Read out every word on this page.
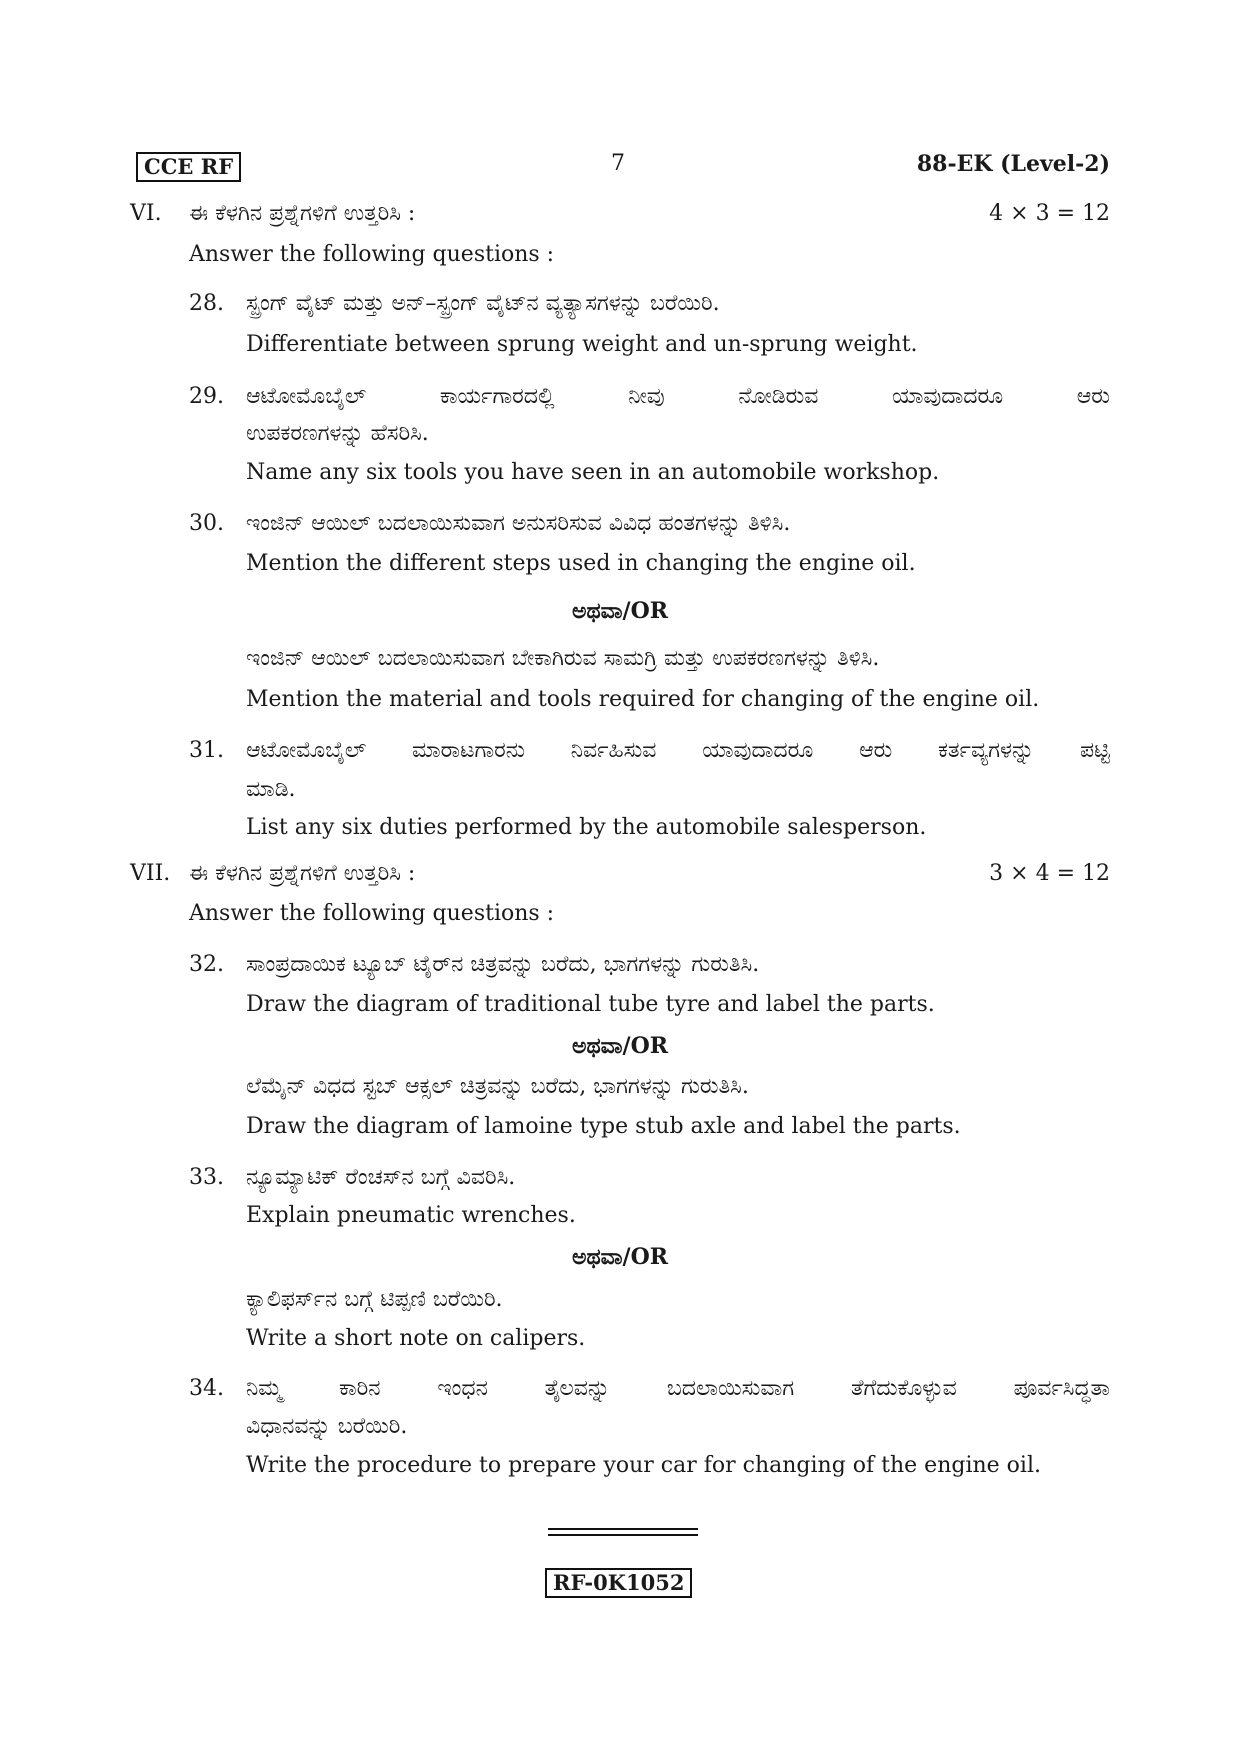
CCE RF	7	88-EK (Level-2)
VI. ಈ ಕೆಳಗಿನ ಪ್ರಶ್ನೆಗಳಿಗೆ ಉತ್ತರಿಸಿ :	4 × 3 = 12
Answer the following questions :
28. ಸ್ಪ್ರಂಗ್ ವೈಟ್ ಮತ್ತು ಅನ್–ಸ್ಪ್ರಂಗ್ ವೈಟ್‌ನ ವ್ಯತ್ಯಾಸಗಳನ್ನು ಬರೆಯಿರಿ.
Differentiate between sprung weight and un-sprung weight.
29. ಆಟೋಮೊಬೈಲ್	ಕಾರ್ಯಗಾರದಲ್ಲಿ	ನೀವು	ನೋಡಿರುವ	ಯಾವುದಾದರೂ	ಆರು
ಉಪಕರಣಗಳನ್ನು ಹೆಸರಿಸಿ.
Name any six tools you have seen in an automobile workshop.
30. ಇಂಜಿನ್ ಆಯಿಲ್ ಬದಲಾಯಿಸುವಾಗ ಅನುಸರಿಸುವ ವಿವಿಧ ಹಂತಗಳನ್ನು ತಿಳಿಸಿ.
Mention the different steps used in changing the engine oil.
ಅಥವಾ/OR
ಇಂಜಿನ್ ಆಯಿಲ್ ಬದಲಾಯಿಸುವಾಗ ಬೇಕಾಗಿರುವ ಸಾಮಗ್ರಿ ಮತ್ತು ಉಪಕರಣಗಳನ್ನು ತಿಳಿಸಿ.
Mention the material and tools required for changing of the engine oil.
31. ಆಟೋಮೊಬೈಲ್ ಮಾರಾಟಗಾರನು ನಿರ್ವಹಿಸುವ ಯಾವುದಾದರೂ ಆರು ಕರ್ತವ್ಯಗಳನ್ನು ಪಟ್ಟಿ
ಮಾಡಿ.
List any six duties performed by the automobile salesperson.
VII. ಈ ಕೆಳಗಿನ ಪ್ರಶ್ನೆಗಳಿಗೆ ಉತ್ತರಿಸಿ :	3 × 4 = 12
Answer the following questions :
32. ಸಾಂಪ್ರದಾಯಿಕ ಟ್ಯೂಬ್ ಟೈರ್‌ನ ಚಿತ್ರವನ್ನು ಬರೆದು, ಭಾಗಗಳನ್ನು ಗುರುತಿಸಿ.
Draw the diagram of traditional tube tyre and label the parts.
ಅಥವಾ/OR
ಲೆಮೈನ್ ವಿಧದ ಸ್ಟಬ್ ಆಕ್ಸಲ್ ಚಿತ್ರವನ್ನು ಬರೆದು, ಭಾಗಗಳನ್ನು ಗುರುತಿಸಿ.
Draw the diagram of lamoine type stub axle and label the parts.
33. ನ್ಯೂಮ್ಯಾಟಿಕ್ ರೆಂಚಸ್‌ನ ಬಗ್ಗೆ ವಿವರಿಸಿ.
Explain pneumatic wrenches.
ಅಥವಾ/OR
ಕ್ಯಾಲಿಫರ್ಸ್‌ನ ಬಗ್ಗೆ ಟಿಪ್ಪಣಿ ಬರೆಯಿರಿ.
Write a short note on calipers.
34. ನಿಮ್ಮ	ಕಾರಿನ	ಇಂಧನ	ತೈಲವನ್ನು	ಬದಲಾಯಿಸುವಾಗ	ತೆಗೆದುಕೊಳ್ಳುವ	ಪೂರ್ವಸಿದ್ಧತಾ
ವಿಧಾನವನ್ನು ಬರೆಯಿರಿ.
Write the procedure to prepare your car for changing of the engine oil.
RF-0K1052
